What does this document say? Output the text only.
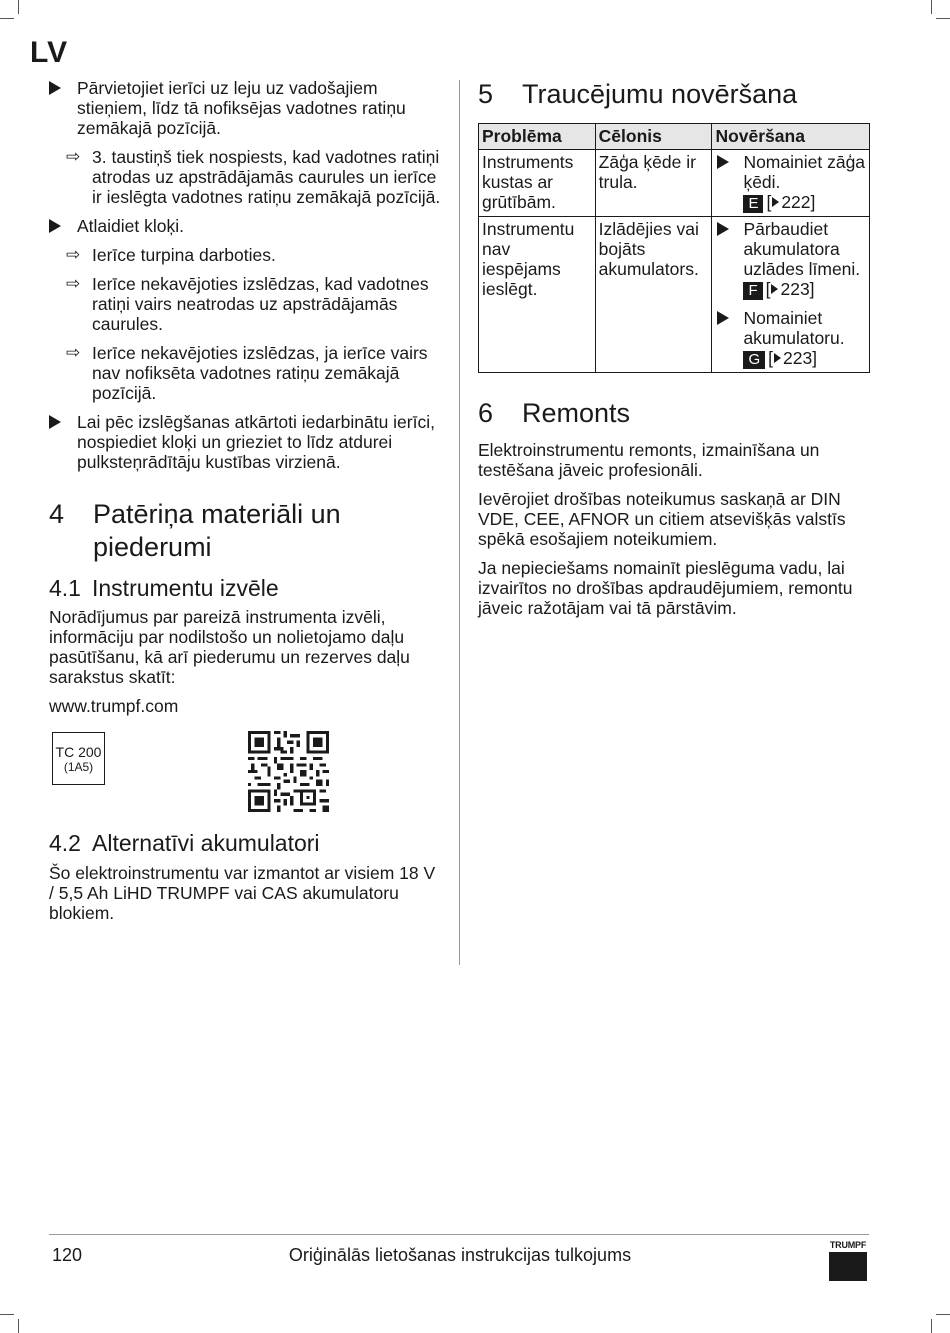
LV
Pārvietojiet ierīci uz leju uz vadošajiem stieņiem, līdz tā nofiksējas vadotnes ratiņu zemākajā pozīcijā.
⇨ 3. taustiņš tiek nospiests, kad vadotnes ratiņi atrodas uz apstrādājamās caurules un ierīce ir ieslēgta vadotnes ratiņu zemākajā pozīcijā.
Atlaidiet kloķi.
⇨ Ierīce turpina darboties.
⇨ Ierīce nekavējoties izslēdzas, kad vadotnes ratiņi vairs neatrodas uz apstrādājamās caurules.
⇨ Ierīce nekavējoties izslēdzas, ja ierīce vairs nav nofiksēta vadotnes ratiņu zemākajā pozīcijā.
Lai pēc izslēgšanas atkārtoti iedarbinātu ierīci, nospiediet kloķi un grieziet to līdz atdurei pulksteņrādītāju kustības virzienā.
4	Patēriņa materiāli un piederumi
4.1 Instrumentu izvēle

Norādījumus par pareizā instrumenta izvēli, informāciju par nodilstošo un nolietojamo daļu pasūtīšanu, kā arī piederumu un rezerves daļu sarakstus skatīt:

www.trumpf.com

TC 200
(1A5)
4.2 Alternatīvi akumulatori

Šo elektroinstrumentu var izmantot ar visiem 18 V / 5,5 Ah LiHD TRUMPF vai CAS akumulatoru blokiem.

5	Traucējumu novēršana
Problēma	Cēlonis	Novēršana
Instruments kustas ar grūtībām.	Zāģa ķēde ir trula.	Nomainiet zāģa ķēdi.
E [ 222]

Instrumentu nav iespējams ieslēgt.	Izlādējies vai bojāts akumulators.	Pārbaudiet akumulatora uzlādes līmeni. F [ 223]
Nomainiet akumulatoru.
G [ 223]
6	Remonts

Elektroinstrumentu remonts, izmainīšana un testēšana jāveic profesionāli.

Ievērojiet drošības noteikumus saskaņā ar DIN VDE, CEE, AFNOR un citiem atsevišķās valstīs spēkā esošajiem noteikumiem.

Ja nepieciešams nomainīt pieslēguma vadu, lai izvairītos no drošības apdraudējumiem, remontu jāveic ražotājam vai tā pārstāvim.

120	Oriģinālās lietošanas instrukcijas tulkojums	TRUMPF
